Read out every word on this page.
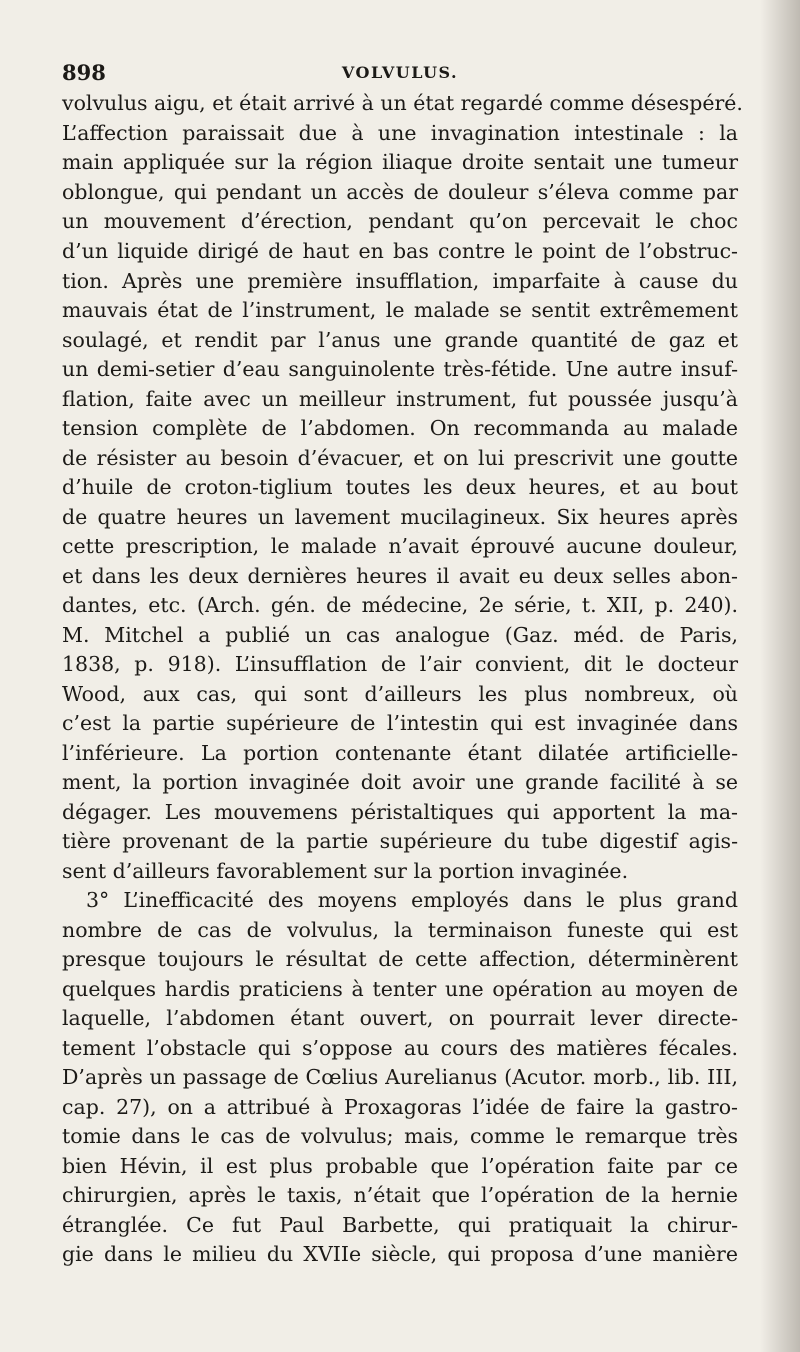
898	VOLVULUS.
volvulus aigu, et était arrivé à un état regardé comme désespéré.
L’affection paraissait due à une invagination intestinale : la
main appliquée sur la région iliaque droite sentait une tumeur
oblongue, qui pendant un accès de douleur s’éleva comme par
un mouvement d’érection, pendant qu’on percevait le choc
d’un liquide dirigé de haut en bas contre le point de l’obstruc-
tion. Après une première insufflation, imparfaite à cause du
mauvais état de l’instrument, le malade se sentit extrêmement
soulagé, et rendit par l’anus une grande quantité de gaz et
un demi-setier d’eau sanguinolente très-fétide. Une autre insuf-
flation, faite avec un meilleur instrument, fut poussée jusqu’à
tension complète de l’abdomen. On recommanda au malade
de résister au besoin d’évacuer, et on lui prescrivit une goutte
d’huile de croton-tiglium toutes les deux heures, et au bout
de quatre heures un lavement mucilagineux. Six heures après
cette prescription, le malade n’avait éprouvé aucune douleur,
et dans les deux dernières heures il avait eu deux selles abon-
dantes, etc. (Arch. gén. de médecine, 2e série, t. XII, p. 240).
M. Mitchel a publié un cas analogue (Gaz. méd. de Paris,
1838, p. 918). L’insufflation de l’air convient, dit le docteur
Wood, aux cas, qui sont d’ailleurs les plus nombreux, où
c’est la partie supérieure de l’intestin qui est invaginée dans
l’inférieure. La portion contenante étant dilatée artificielle-
ment, la portion invaginée doit avoir une grande facilité à se
dégager. Les mouvemens péristaltiques qui apportent la ma-
tière provenant de la partie supérieure du tube digestif agis-
sent d’ailleurs favorablement sur la portion invaginée.
3° L’inefficacité des moyens employés dans le plus grand
nombre de cas de volvulus, la terminaison funeste qui est
presque toujours le résultat de cette affection, déterminèrent
quelques hardis praticiens à tenter une opération au moyen de
laquelle, l’abdomen étant ouvert, on pourrait lever directe-
tement l’obstacle qui s’oppose au cours des matières fécales.
D’après un passage de Cœlius Aurelianus (Acutor. morb., lib. III,
cap. 27), on a attribué à Proxagoras l’idée de faire la gastro-
tomie dans le cas de volvulus; mais, comme le remarque très
bien Hévin, il est plus probable que l’opération faite par ce
chirurgien, après le taxis, n’était que l’opération de la hernie
étranglée. Ce fut Paul Barbette, qui pratiquait la chirur-
gie dans le milieu du XVIIe siècle, qui proposa d’une manière
